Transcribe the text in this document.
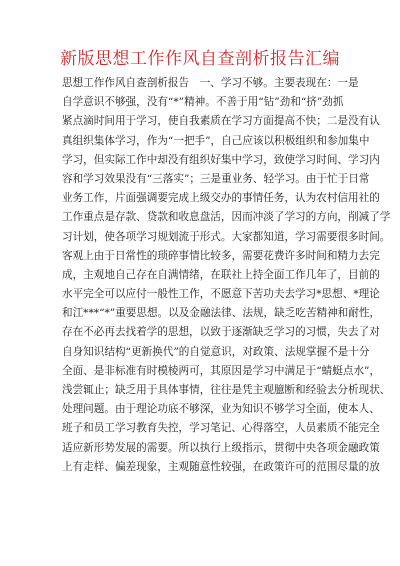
新版思想工作作风自查剖析报告汇编
思想工作作风自查剖析报告　一、学习不够。主要表现在：一是
自学意识不够强，没有“*”精神。不善于用“钻”劲和“挤”劲抓
紧点滴时间用于学习，使自我素质在学习方面提高不快；二是没有认
真组织集体学习，作为“一把手”，自己应该以积极组织和参加集中
学习，但实际工作中却没有组织好集中学习，致使学习时间、学习内
容和学习效果没有“三落实”；三是重业务、轻学习。由于忙于日常
业务工作，片面强调要完成上级交办的事情任务，认为农村信用社的
工作重点是存款、贷款和收息盘活，因而冲淡了学习的方向，削减了学
习计划，使各项学习规划流于形式。大家都知道，学习需要很多时间。
客观上由于日常性的琐碎事情比较多，需要花费许多时间和精力去完
成，主观地自己存在自满情绪，在联社上持全面工作几年了，目前的
水平完全可以应付一般性工作，不愿意下苦功夫去学习*思想、*理论
和江***“*”重要思想。以及金融法律、法规，缺乏吃苦精神和耐性，
存在不必再去找着学的思想，以致于逐渐缺乏学习的习惯，失去了对
自身知识结构“更新换代”的自觉意识，对政策、法规掌握不是十分
全面、是非标准有时模棱两可，其原因是学习中满足于“蜻蜓点水”，
浅尝辄止；缺乏用于具体事情，往往是凭主观臆断和经验去分析现状、
处理问题。由于理论功底不够深，业为知识不够学习全面，使本人、
班子和员工学习教育失控，学习笔记、心得落空，人员素质不能完全
适应新形势发展的需要。所以执行上级指示，贯彻中央各项金融政策
上有走样、偏差现象，主观随意性较强，在政策许可的范围尽量的放
